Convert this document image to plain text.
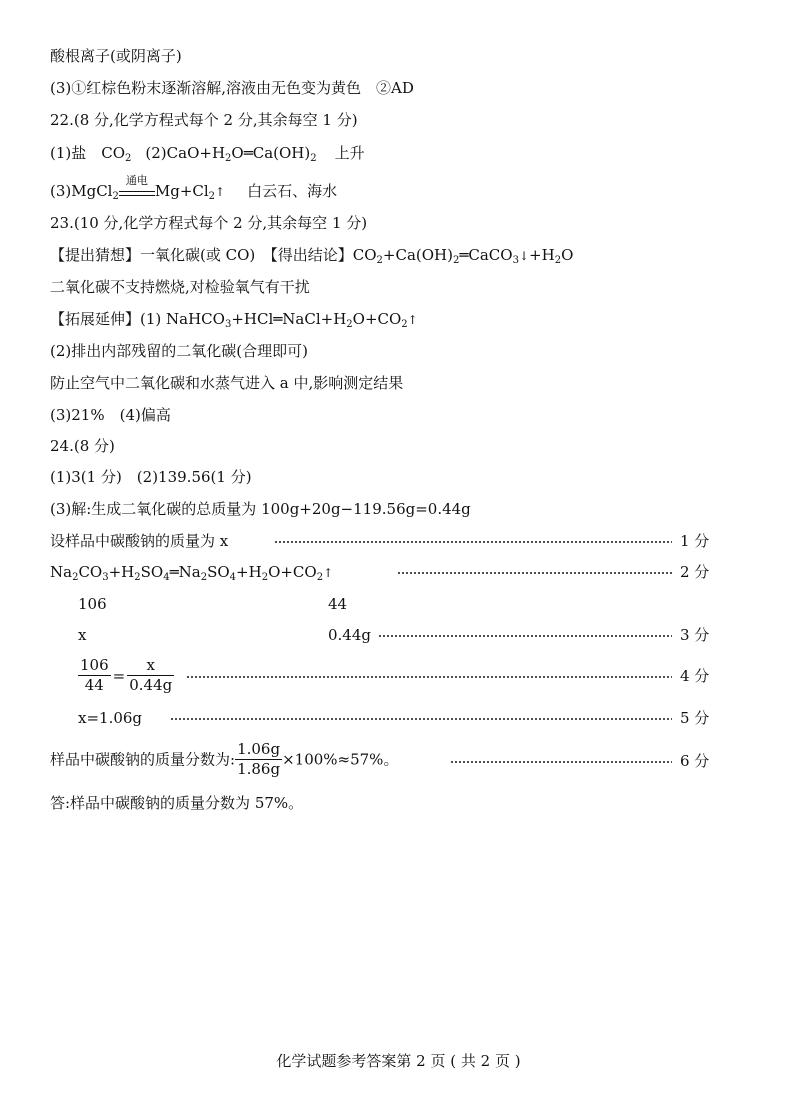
酸根离子(或阴离子)
(3)①红棕色粉末逐渐溶解,溶液由无色变为黄色　②AD
22.(8 分,化学方程式每个 2 分,其余每空 1 分)
(1)盐　$CO_2$ $(2)CaO+H_2O═Ca(OH)_2$ 上升
(3)MgCl$_2$
通电
$Mg+Cl_2↑$ 白云石、海水
23.(10 分,化学方程式每个 2 分,其余每空 1 分)
【提出猜想】一氧化碳(或 CO)　【得出结论】$CO_2+Ca(OH)_2═CaCO_3↓+H_2O$
二氧化碳不支持燃烧,对检验氧气有干扰
【拓展延伸】(1) $NaHCO_3+HCl═NaCl+H_2O+CO_2↑$
(2)排出内部残留的二氧化碳(合理即可)
防止空气中二氧化碳和水蒸气进入 a 中,影响测定结果
(3)21%　(4)偏高
24.(8 分)
(1)3(1 分)　(2)139.56(1 分)
(3)解:生成二氧化碳的总质量为 100g+20g−119.56g=0.44g
设样品中碳酸钠的质量为 x	1 分
$Na_2CO_3+H_2SO_4═Na_2SO_4+H_2O+CO_2↑$	2 分
106	44
x	0.44g	3 分
$\frac{106}{44} = \frac{x}{0.44g}$	4 分
x=1.06g	5 分
样品中碳酸钠的质量分数为: $\frac{1.06g}{1.86g} \times 100\%\approx 57\%$。	6 分
答:样品中碳酸钠的质量分数为 57%。
化学试题参考答案第 2 页 ( 共 2 页 )
